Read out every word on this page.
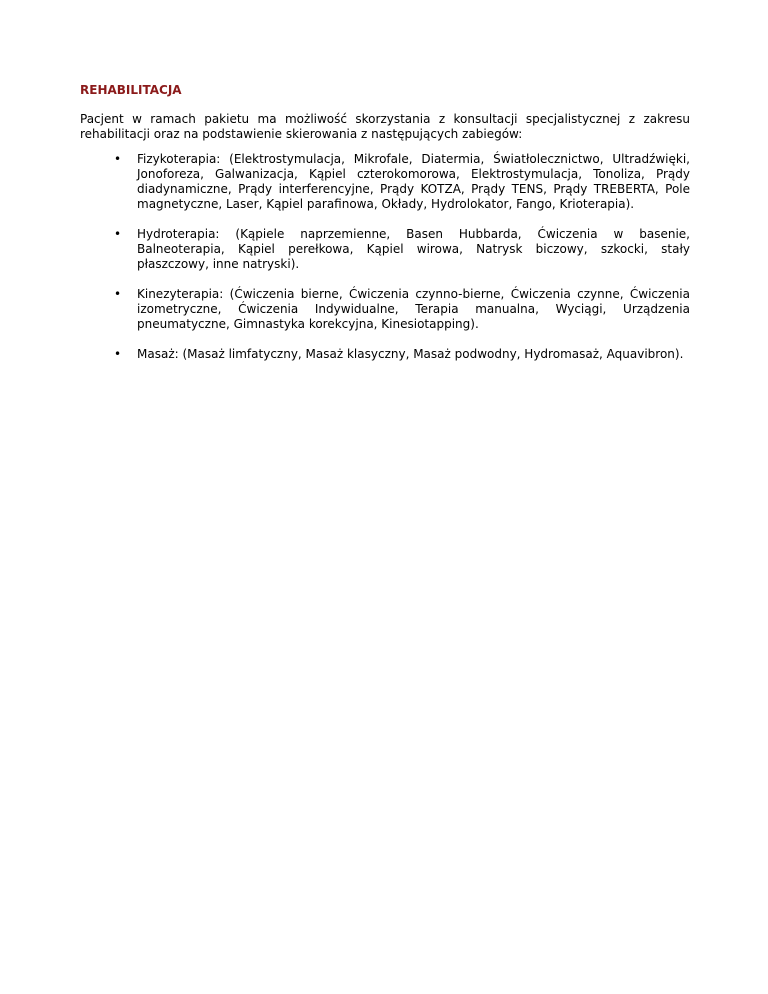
REHABILITACJA

Pacjent w ramach pakietu ma możliwość skorzystania z konsultacji specjalistycznej z zakresu rehabilitacji oraz na podstawienie skierowania z następujących zabiegów:

• Fizykoterapia: (Elektrostymulacja, Mikrofale, Diatermia, Światłolecznictwo, Ultradźwięki, Jonoforeza, Galwanizacja, Kąpiel czterokomorowa, Elektrostymulacja, Tonoliza, Prądy diadynamiczne, Prądy interferencyjne, Prądy KOTZA, Prądy TENS, Prądy TREBERTA, Pole magnetyczne, Laser, Kąpiel parafinowa, Okłady, Hydrolokator, Fango, Krioterapia).
• Hydroterapia: (Kąpiele naprzemienne, Basen Hubbarda, Ćwiczenia w basenie, Balneoterapia, Kąpiel perełkowa, Kąpiel wirowa, Natrysk biczowy, szkocki, stały płaszczowy, inne natryski).
• Kinezyterapia: (Ćwiczenia bierne, Ćwiczenia czynno-bierne, Ćwiczenia czynne, Ćwiczenia izometryczne, Ćwiczenia Indywidualne, Terapia manualna, Wyciągi, Urządzenia pneumatyczne, Gimnastyka korekcyjna, Kinesiotapping).
• Masaż: (Masaż limfatyczny, Masaż klasyczny, Masaż podwodny, Hydromasaż, Aquavibron).
